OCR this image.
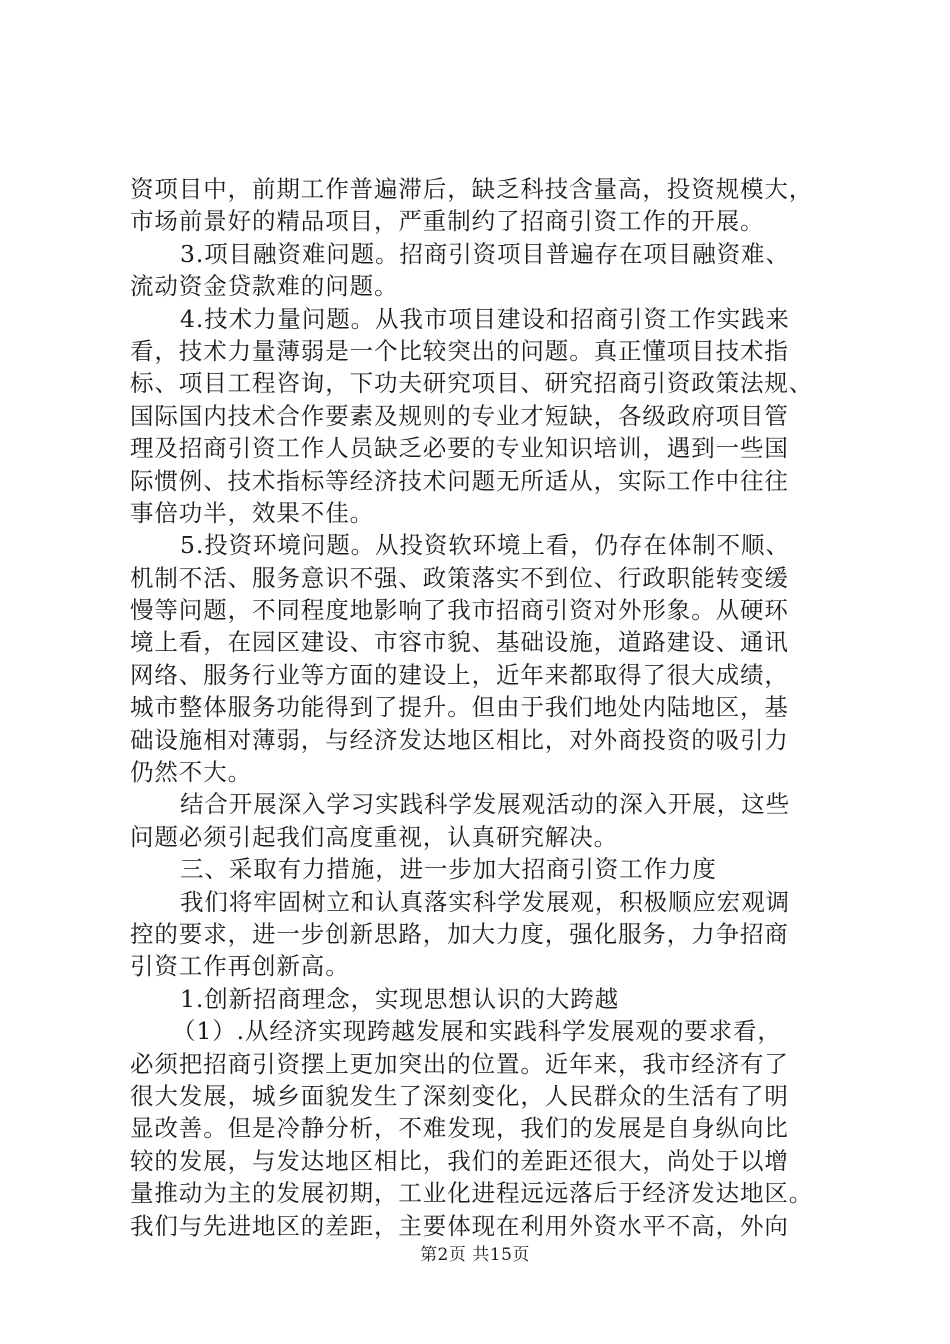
资项目中，前期工作普遍滞后，缺乏科技含量高，投资规模大，
市场前景好的精品项目，严重制约了招商引资工作的开展。
3.项目融资难问题。招商引资项目普遍存在项目融资难、
流动资金贷款难的问题。
4.技术力量问题。从我市项目建设和招商引资工作实践来
看，技术力量薄弱是一个比较突出的问题。真正懂项目技术指
标、项目工程咨询，下功夫研究项目、研究招商引资政策法规、
国际国内技术合作要素及规则的专业才短缺，各级政府项目管
理及招商引资工作人员缺乏必要的专业知识培训，遇到一些国
际惯例、技术指标等经济技术问题无所适从，实际工作中往往
事倍功半，效果不佳。
5.投资环境问题。从投资软环境上看，仍存在体制不顺、
机制不活、服务意识不强、政策落实不到位、行政职能转变缓
慢等问题，不同程度地影响了我市招商引资对外形象。从硬环
境上看，在园区建设、市容市貌、基础设施，道路建设、通讯
网络、服务行业等方面的建设上，近年来都取得了很大成绩，
城市整体服务功能得到了提升。但由于我们地处内陆地区，基
础设施相对薄弱，与经济发达地区相比，对外商投资的吸引力
仍然不大。
结合开展深入学习实践科学发展观活动的深入开展，这些
问题必须引起我们高度重视，认真研究解决。
三、采取有力措施，进一步加大招商引资工作力度
我们将牢固树立和认真落实科学发展观，积极顺应宏观调
控的要求，进一步创新思路，加大力度，强化服务，力争招商
引资工作再创新高。
1.创新招商理念，实现思想认识的大跨越
（1）.从经济实现跨越发展和实践科学发展观的要求看，
必须把招商引资摆上更加突出的位置。近年来，我市经济有了
很大发展，城乡面貌发生了深刻变化，人民群众的生活有了明
显改善。但是冷静分析，不难发现，我们的发展是自身纵向比
较的发展，与发达地区相比，我们的差距还很大，尚处于以增
量推动为主的发展初期，工业化进程远远落后于经济发达地区。
我们与先进地区的差距，主要体现在利用外资水平不高，外向
第2页 共15页
